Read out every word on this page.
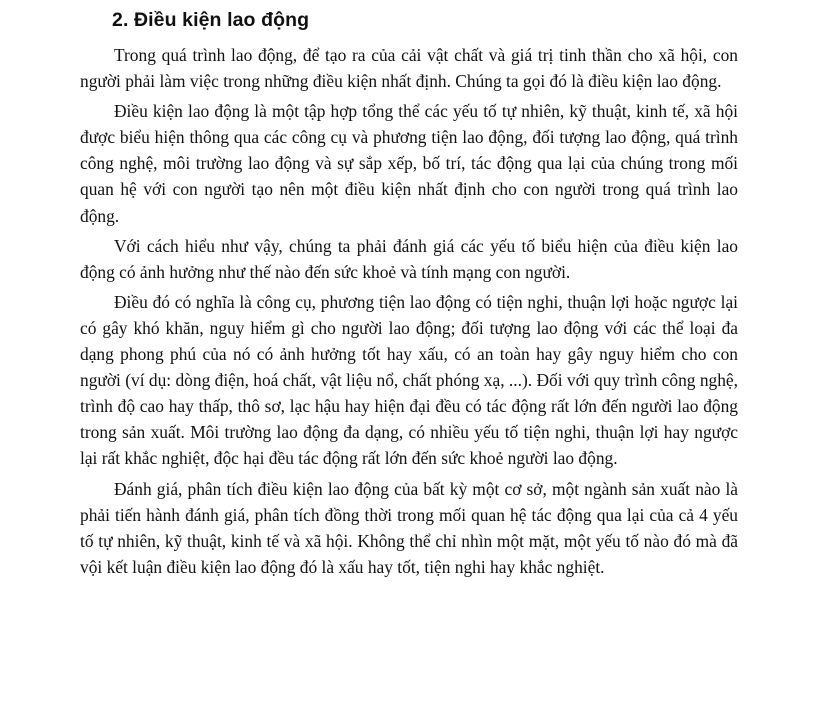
2. Điều kiện lao động

Trong quá trình lao động, để tạo ra của cải vật chất và giá trị tinh thần cho xã hội, con người phải làm việc trong những điều kiện nhất định. Chúng ta gọi đó là điều kiện lao động.

Điều kiện lao động là một tập hợp tổng thể các yếu tố tự nhiên, kỹ thuật, kinh tế, xã hội được biểu hiện thông qua các công cụ và phương tiện lao động, đối tượng lao động, quá trình công nghệ, môi trường lao động và sự sắp xếp, bố trí, tác động qua lại của chúng trong mối quan hệ với con người tạo nên một điều kiện nhất định cho con người trong quá trình lao động.

Với cách hiểu như vậy, chúng ta phải đánh giá các yếu tố biểu hiện của điều kiện lao động có ảnh hưởng như thế nào đến sức khoẻ và tính mạng con người.

Điều đó có nghĩa là công cụ, phương tiện lao động có tiện nghi, thuận lợi hoặc ngược lại có gây khó khăn, nguy hiểm gì cho người lao động; đối tượng lao động với các thể loại đa dạng phong phú của nó có ảnh hưởng tốt hay xấu, có an toàn hay gây nguy hiểm cho con người (ví dụ: dòng điện, hoá chất, vật liệu nổ, chất phóng xạ, ...). Đối với quy trình công nghệ, trình độ cao hay thấp, thô sơ, lạc hậu hay hiện đại đều có tác động rất lớn đến người lao động trong sản xuất. Môi trường lao động đa dạng, có nhiều yếu tố tiện nghi, thuận lợi hay ngược lại rất khắc nghiệt, độc hại đều tác động rất lớn đến sức khoẻ người lao động.

Đánh giá, phân tích điều kiện lao động của bất kỳ một cơ sở, một ngành sản xuất nào là phải tiến hành đánh giá, phân tích đồng thời trong mối quan hệ tác động qua lại của cả 4 yếu tố tự nhiên, kỹ thuật, kinh tế và xã hội. Không thể chỉ nhìn một mặt, một yếu tố nào đó mà đã vội kết luận điều kiện lao động đó là xấu hay tốt, tiện nghi hay khắc nghiệt.
